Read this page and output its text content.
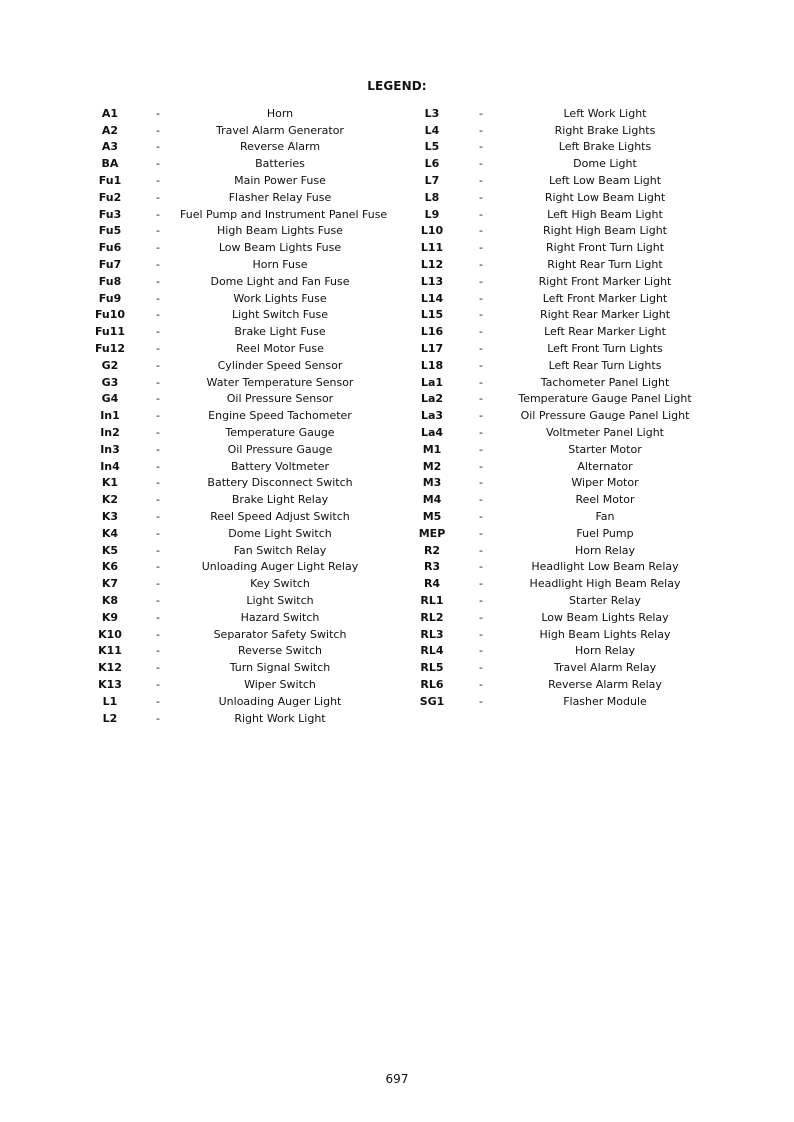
LEGEND:
A1	-	Horn
A2	-	Travel Alarm Generator
A3	-	Reverse Alarm
BA	-	Batteries
Fu1	-	Main Power Fuse
Fu2	-	Flasher Relay Fuse
Fu3	-	Fuel Pump and Instrument Panel Fuse
Fu5	-	High Beam Lights Fuse
Fu6	-	Low Beam Lights Fuse
Fu7	-	Horn Fuse
Fu8	-	Dome Light and Fan Fuse
Fu9	-	Work Lights Fuse
Fu10	-	Light Switch Fuse
Fu11	-	Brake Light Fuse
Fu12	-	Reel Motor Fuse
G2	-	Cylinder Speed Sensor
G3	-	Water Temperature Sensor
G4	-	Oil Pressure Sensor
In1	-	Engine Speed Tachometer
In2	-	Temperature Gauge
In3	-	Oil Pressure Gauge
In4	-	Battery Voltmeter
K1	-	Battery Disconnect Switch
K2	-	Brake Light Relay
K3	-	Reel Speed Adjust Switch
K4	-	Dome Light Switch
K5	-	Fan Switch Relay
K6	-	Unloading Auger Light Relay
K7	-	Key Switch
K8	-	Light Switch
K9	-	Hazard Switch
K10	-	Separator Safety Switch
K11	-	Reverse Switch
K12	-	Turn Signal Switch
K13	-	Wiper Switch
L1	-	Unloading Auger Light
L2	-	Right Work Light
L3	-	Left Work Light
L4	-	Right Brake Lights
L5	-	Left Brake Lights
L6	-	Dome Light
L7	-	Left Low Beam Light
L8	-	Right Low Beam Light
L9	-	Left High Beam Light
L10	-	Right High Beam Light
L11	-	Right Front Turn Light
L12	-	Right Rear Turn Light
L13	-	Right Front Marker Light
L14	-	Left Front Marker Light
L15	-	Right Rear Marker Light
L16	-	Left Rear Marker Light
L17	-	Left Front Turn Lights
L18	-	Left Rear Turn Lights
La1	-	Tachometer Panel Light
La2	-	Temperature Gauge Panel Light
La3	-	Oil Pressure Gauge Panel Light
La4	-	Voltmeter Panel Light
M1	-	Starter Motor
M2	-	Alternator
M3	-	Wiper Motor
M4	-	Reel Motor
M5	-	Fan
MEP	-	Fuel Pump
R2	-	Horn Relay
R3	-	Headlight Low Beam Relay
R4	-	Headlight High Beam Relay
RL1	-	Starter Relay
RL2	-	Low Beam Lights Relay
RL3	-	High Beam Lights Relay
RL4	-	Horn Relay
RL5	-	Travel Alarm Relay
RL6	-	Reverse Alarm Relay
SG1	-	Flasher Module
697
